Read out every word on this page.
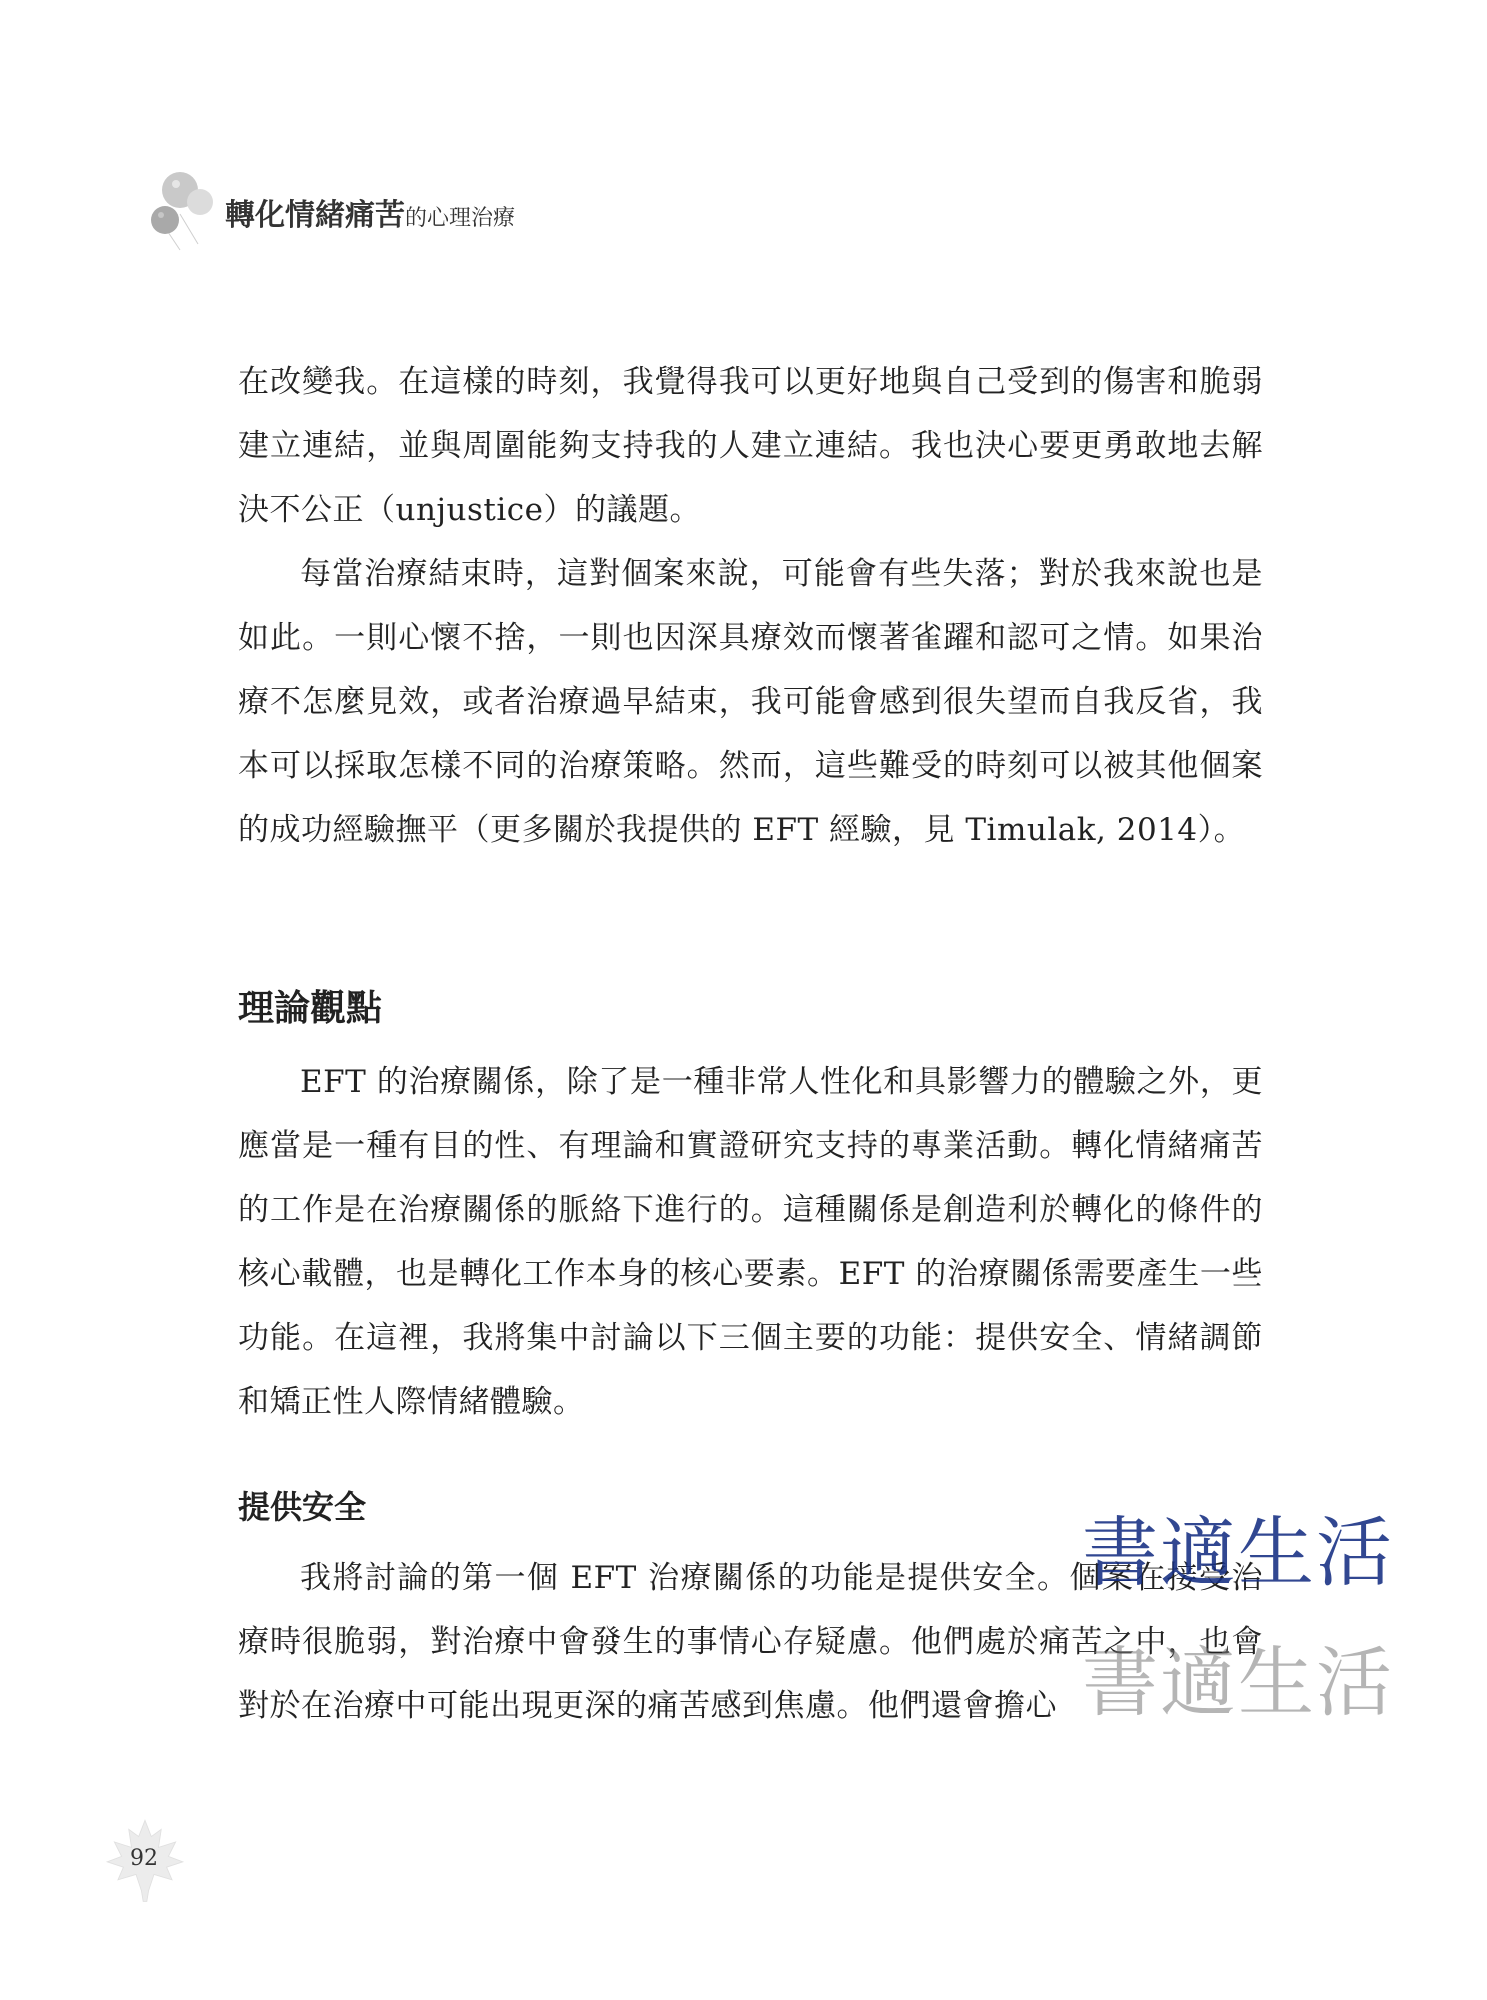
轉化情緒痛苦的心理治療

在改變我。在這樣的時刻，我覺得我可以更好地與自己受到的傷害和脆弱建立連結，並與周圍能夠支持我的人建立連結。我也決心要更勇敢地去解決不公正（unjustice）的議題。

每當治療結束時，這對個案來說，可能會有些失落；對於我來說也是如此。一則心懷不捨，一則也因深具療效而懷著雀躍和認可之情。如果治療不怎麼見效，或者治療過早結束，我可能會感到很失望而自我反省，我本可以採取怎樣不同的治療策略。然而，這些難受的時刻可以被其他個案的成功經驗撫平（更多關於我提供的 EFT 經驗，見 Timulak, 2014）。

理論觀點

EFT 的治療關係，除了是一種非常人性化和具影響力的體驗之外，更應當是一種有目的性、有理論和實證研究支持的專業活動。轉化情緒痛苦的工作是在治療關係的脈絡下進行的。這種關係是創造利於轉化的條件的核心載體，也是轉化工作本身的核心要素。EFT 的治療關係需要產生一些功能。在這裡，我將集中討論以下三個主要的功能：提供安全、情緒調節和矯正性人際情緒體驗。

提供安全

我將討論的第一個 EFT 治療關係的功能是提供安全。個案在接受治療時很脆弱，對治療中會發生的事情心存疑慮。他們處於痛苦之中，也會對於在治療中可能出現更深的痛苦感到焦慮。他們還會擔心

書適生活
書適生活
92
